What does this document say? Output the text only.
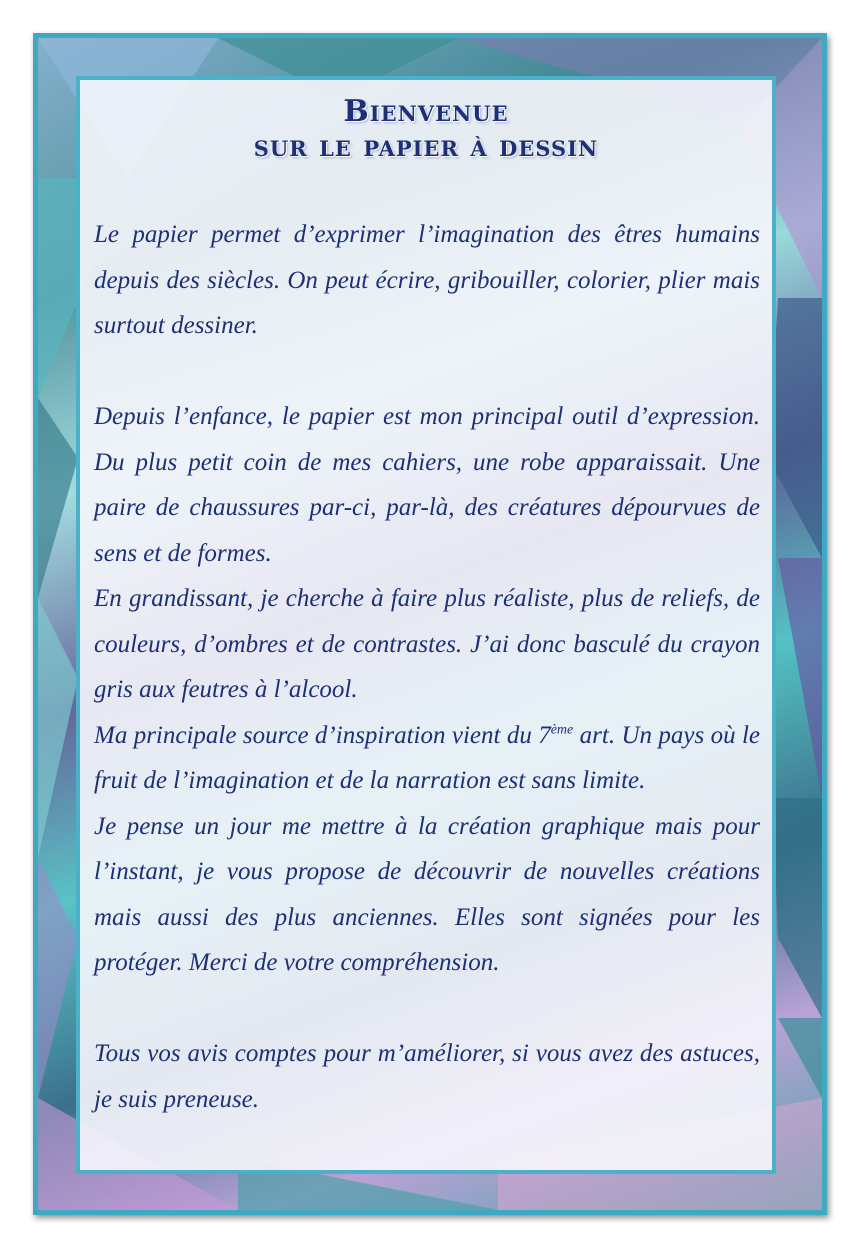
Bienvenue
sur le papier à dessin

Le papier permet d’exprimer l’imagination des êtres humains depuis des siècles. On peut écrire, gribouiller, colorier, plier mais surtout dessiner.

Depuis l’enfance, le papier est mon principal outil d’expression. Du plus petit coin de mes cahiers, une robe apparaissait. Une paire de chaussures par-ci, par-là, des créatures dépourvues de sens et de formes.

En grandissant, je cherche à faire plus réaliste, plus de reliefs, de couleurs, d’ombres et de contrastes. J’ai donc basculé du crayon gris aux feutres à l’alcool.

Ma principale source d’inspiration vient du 7ème art. Un pays où le fruit de l’imagination et de la narration est sans limite.

Je pense un jour me mettre à la création graphique mais pour l’instant, je vous propose de découvrir de nouvelles créations mais aussi des plus anciennes. Elles sont signées pour les protéger. Merci de votre compréhension.

Tous vos avis comptes pour m’améliorer, si vous avez des astuces, je suis preneuse.
